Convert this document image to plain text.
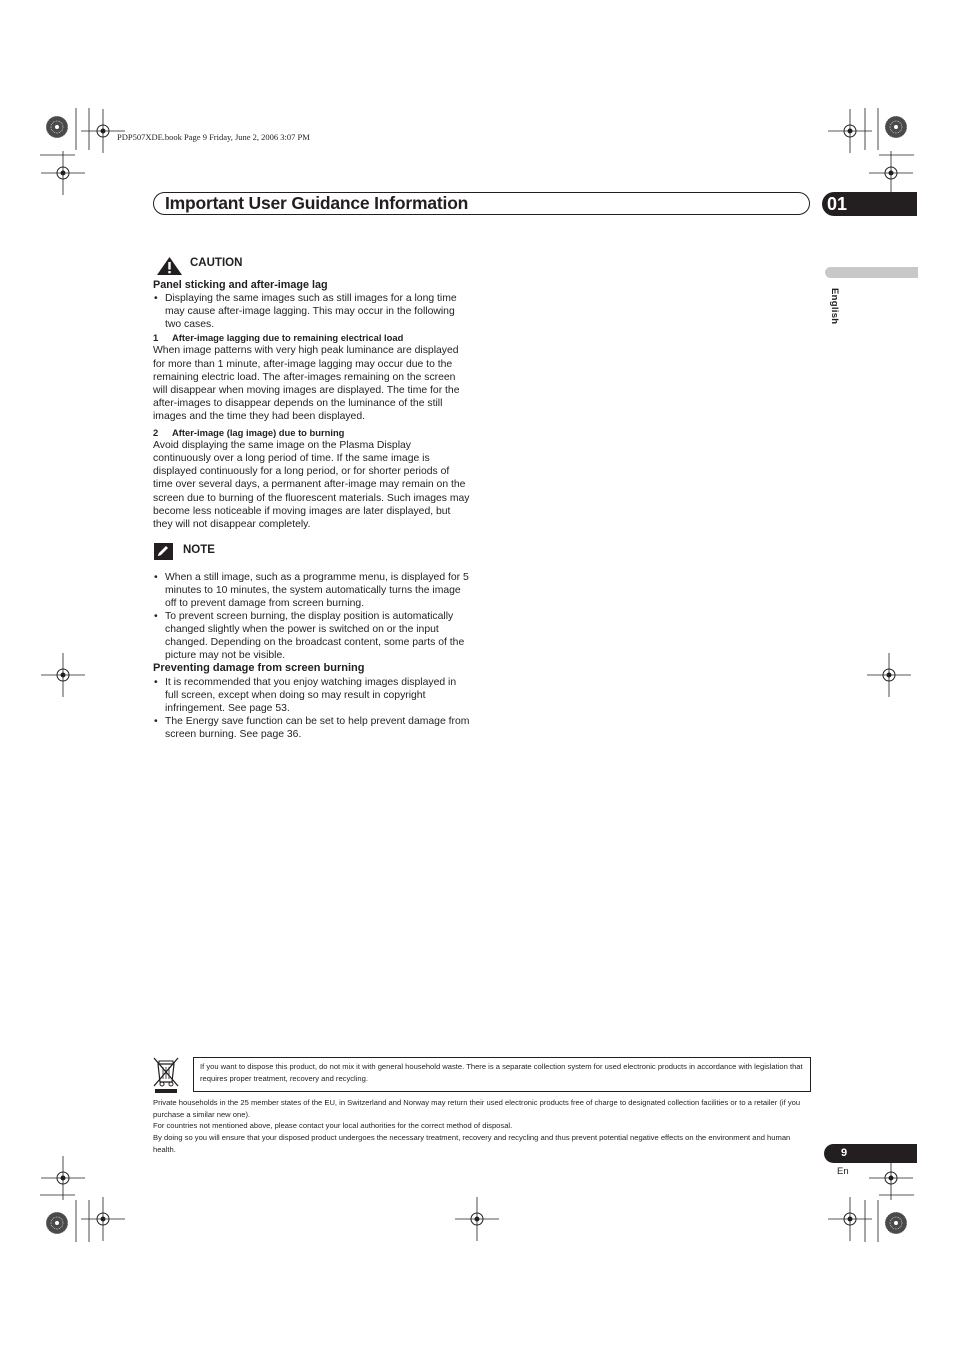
PDP507XDE.book Page 9 Friday, June 2, 2006 3:07 PM
Important User Guidance Information	01
English
CAUTION

Panel sticking and after-image lag

• Displaying the same images such as still images for a long time may cause after-image lagging. This may occur in the following two cases.

1 After-image lagging due to remaining electrical load

When image patterns with very high peak luminance are displayed for more than 1 minute, after-image lagging may occur due to the remaining electric load. The after-images remaining on the screen will disappear when moving images are displayed. The time for the after-images to disappear depends on the luminance of the still images and the time they had been displayed.

2 After-image (lag image) due to burning

Avoid displaying the same image on the Plasma Display continuously over a long period of time. If the same image is displayed continuously for a long period, or for shorter periods of time over several days, a permanent after-image may remain on the screen due to burning of the fluorescent materials. Such images may become less noticeable if moving images are later displayed, but they will not disappear completely.

NOTE

• When a still image, such as a programme menu, is displayed for 5 minutes to 10 minutes, the system automatically turns the image off to prevent damage from screen burning.

• To prevent screen burning, the display position is automatically changed slightly when the power is switched on or the input changed. Depending on the broadcast content, some parts of the picture may not be visible.

Preventing damage from screen burning

• It is recommended that you enjoy watching images displayed in full screen, except when doing so may result in copyright infringement. See page 53.

• The Energy save function can be set to help prevent damage from screen burning. See page 36.

If you want to dispose this product, do not mix it with general household waste. There is a separate collection system for used electronic products in accordance with legislation that requires proper treatment, recovery and recycling.

Private households in the 25 member states of the EU, in Switzerland and Norway may return their used electronic products free of charge to designated collection facilities or to a retailer (if you purchase a similar new one).

For countries not mentioned above, please contact your local authorities for the correct method of disposal.

By doing so you will ensure that your disposed product undergoes the necessary treatment, recovery and recycling and thus prevent potential negative effects on the environment and human health.	9
En
